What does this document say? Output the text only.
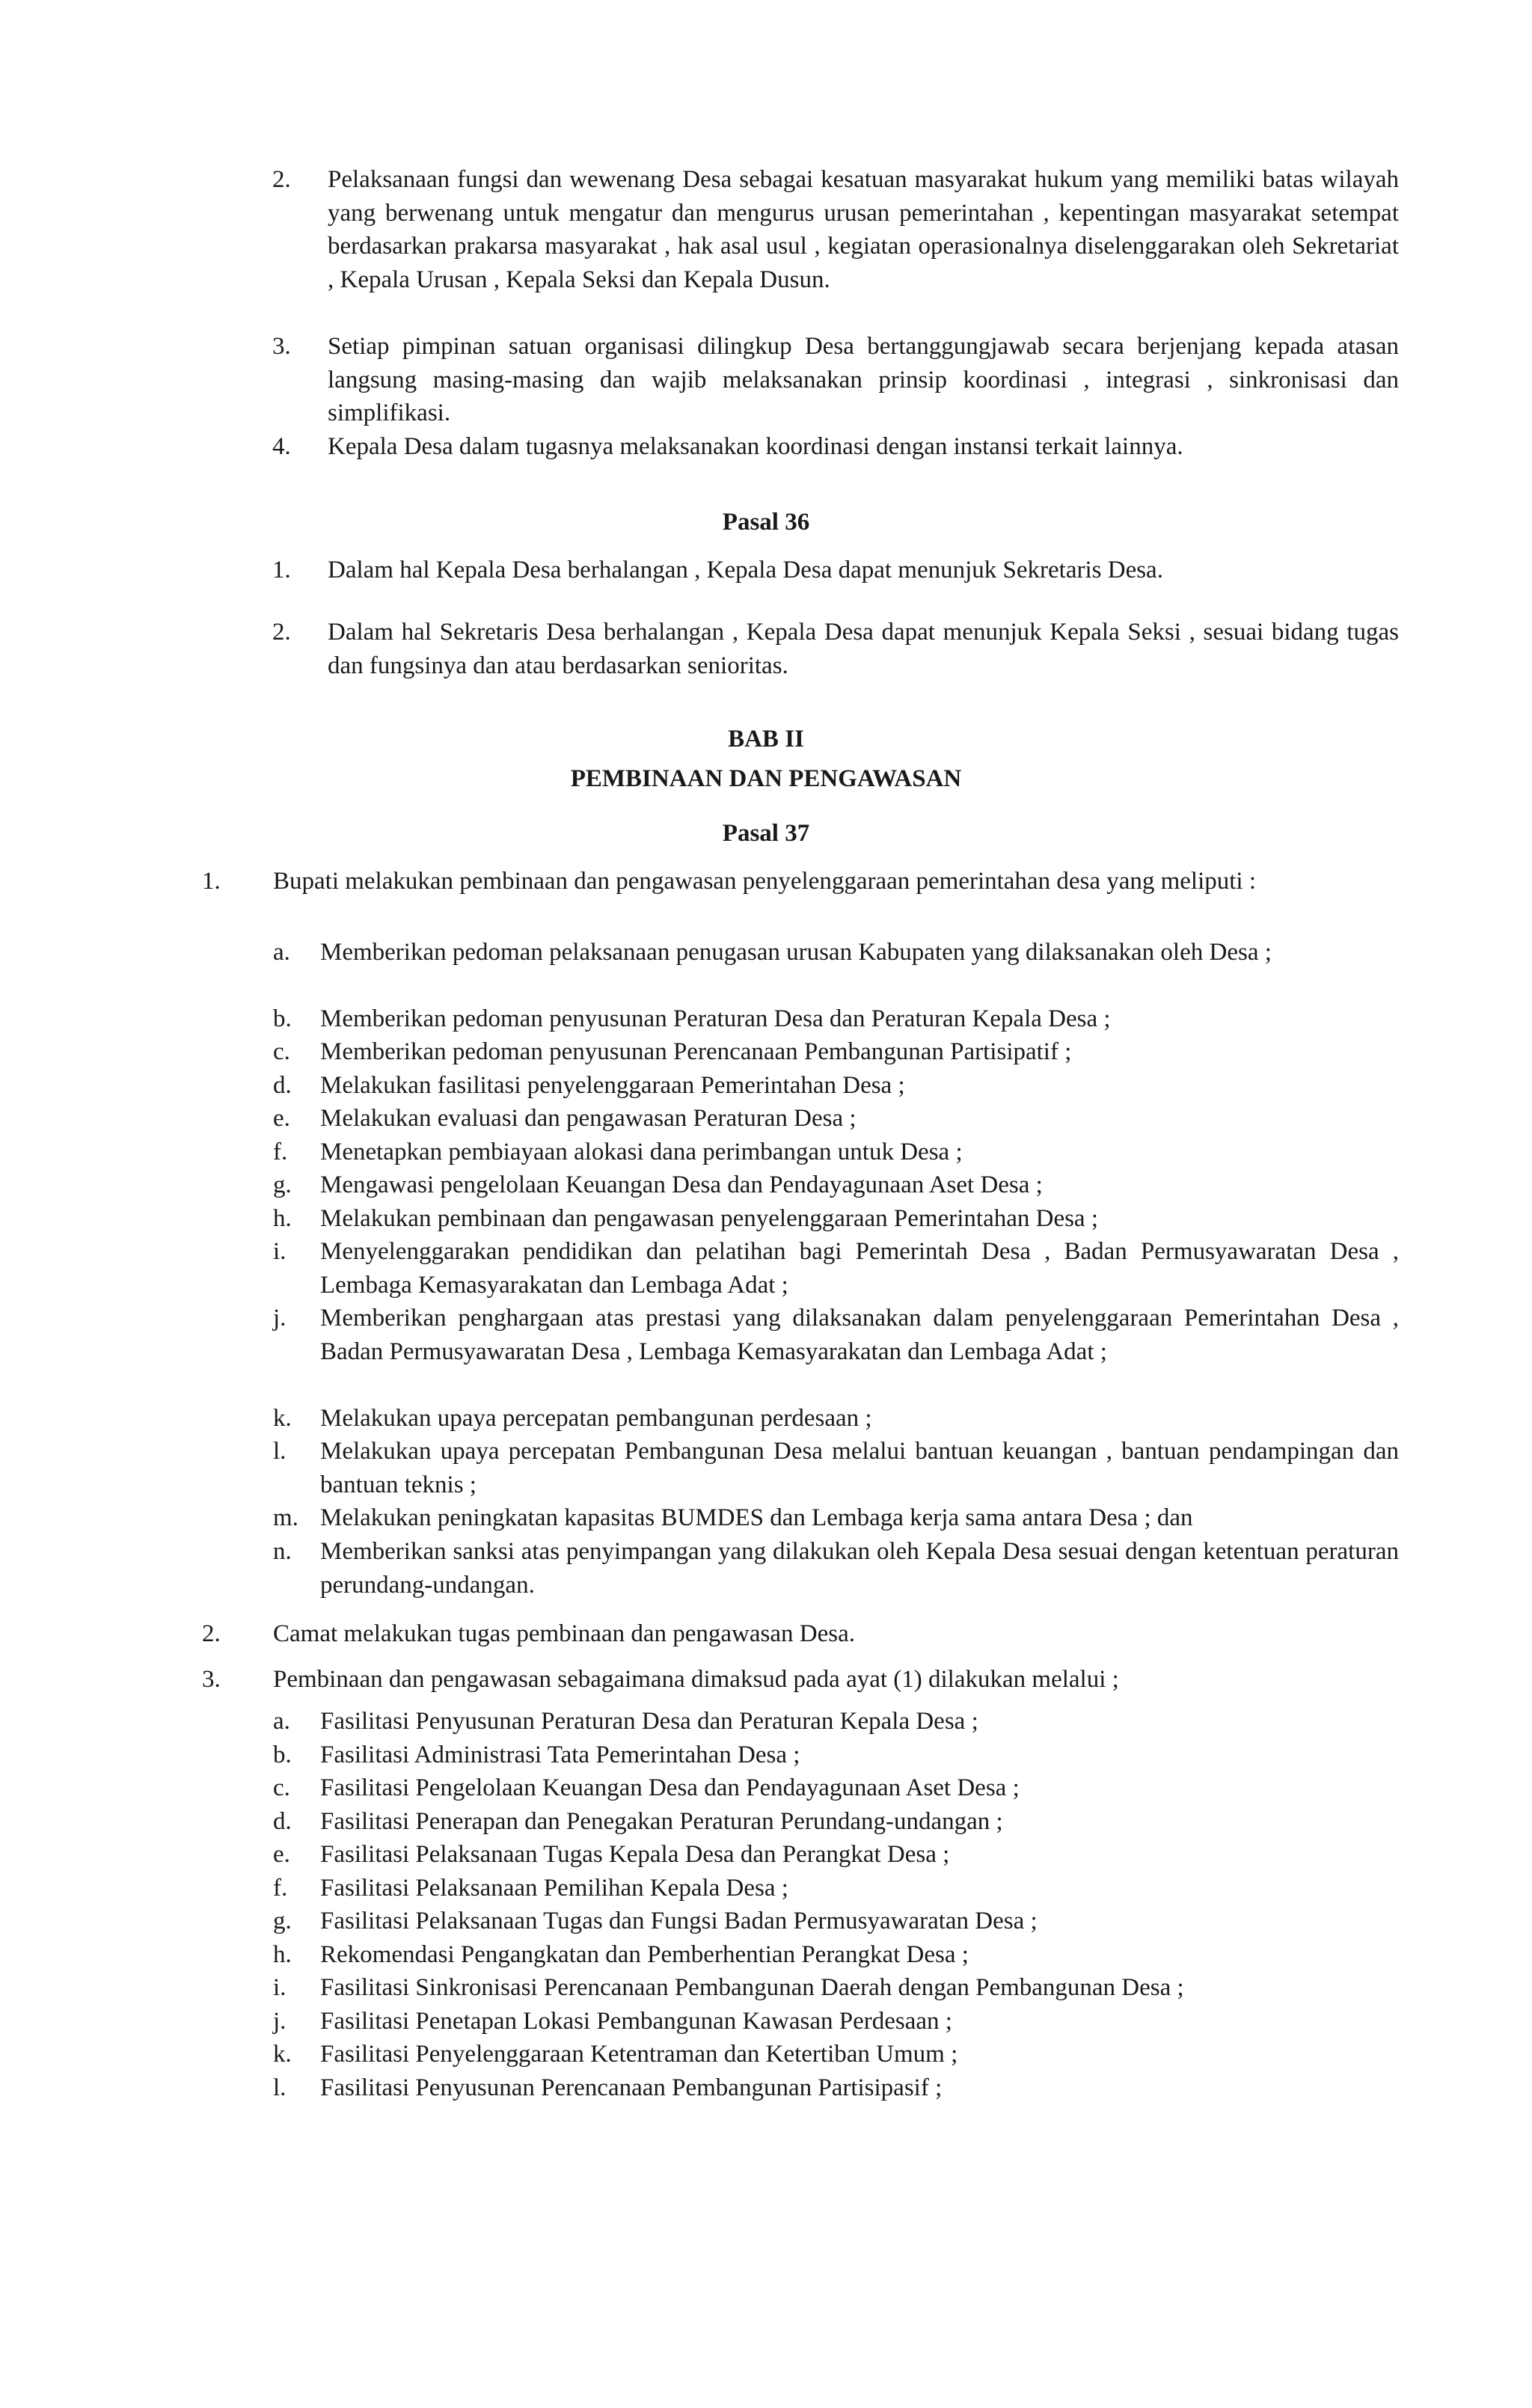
2. Pelaksanaan fungsi dan wewenang Desa sebagai kesatuan masyarakat hukum yang memiliki batas wilayah yang berwenang untuk mengatur dan mengurus urusan pemerintahan , kepentingan masyarakat setempat berdasarkan prakarsa masyarakat , hak asal usul , kegiatan operasionalnya diselenggarakan oleh Sekretariat , Kepala Urusan , Kepala Seksi dan Kepala Dusun.
3. Setiap pimpinan satuan organisasi dilingkup Desa bertanggungjawab secara berjenjang kepada atasan langsung masing-masing dan wajib melaksanakan prinsip koordinasi , integrasi , sinkronisasi dan simplifikasi.
4. Kepala Desa dalam tugasnya melaksanakan koordinasi dengan instansi terkait lainnya.
Pasal 36
1. Dalam hal Kepala Desa berhalangan , Kepala Desa dapat menunjuk Sekretaris Desa.
2. Dalam hal Sekretaris Desa berhalangan , Kepala Desa dapat menunjuk Kepala Seksi , sesuai bidang tugas dan fungsinya dan atau berdasarkan senioritas.
BAB II
PEMBINAAN DAN PENGAWASAN
Pasal 37
1. Bupati melakukan pembinaan dan pengawasan penyelenggaraan pemerintahan desa yang meliputi :
a. Memberikan pedoman pelaksanaan penugasan urusan Kabupaten yang dilaksanakan oleh Desa ;
b. Memberikan pedoman penyusunan Peraturan Desa dan Peraturan Kepala Desa ;
c. Memberikan pedoman penyusunan Perencanaan Pembangunan Partisipatif ;
d. Melakukan fasilitasi penyelenggaraan Pemerintahan Desa ;
e. Melakukan evaluasi dan pengawasan Peraturan Desa ;
f. Menetapkan pembiayaan alokasi dana perimbangan untuk Desa ;
g. Mengawasi pengelolaan Keuangan Desa dan Pendayagunaan Aset Desa ;
h. Melakukan pembinaan dan pengawasan penyelenggaraan Pemerintahan Desa ;
i. Menyelenggarakan pendidikan dan pelatihan bagi Pemerintah Desa , Badan Permusyawaratan Desa , Lembaga Kemasyarakatan dan Lembaga Adat ;
j. Memberikan penghargaan atas prestasi yang dilaksanakan dalam penyelenggaraan Pemerintahan Desa , Badan Permusyawaratan Desa , Lembaga Kemasyarakatan dan Lembaga Adat ;
k. Melakukan upaya percepatan pembangunan perdesaan ;
l. Melakukan upaya percepatan Pembangunan Desa melalui bantuan keuangan , bantuan pendampingan dan bantuan teknis ;
m. Melakukan peningkatan kapasitas BUMDES dan Lembaga kerja sama antara Desa ; dan
n. Memberikan sanksi atas penyimpangan yang dilakukan oleh Kepala Desa sesuai dengan ketentuan peraturan perundang-undangan.
2. Camat melakukan tugas pembinaan dan pengawasan Desa.
3. Pembinaan dan pengawasan sebagaimana dimaksud pada ayat (1) dilakukan melalui ;
a. Fasilitasi Penyusunan Peraturan Desa dan Peraturan Kepala Desa ;
b. Fasilitasi Administrasi Tata Pemerintahan Desa ;
c. Fasilitasi Pengelolaan Keuangan Desa dan Pendayagunaan Aset Desa ;
d. Fasilitasi Penerapan dan Penegakan Peraturan Perundang-undangan ;
e. Fasilitasi Pelaksanaan Tugas Kepala Desa dan Perangkat Desa ;
f. Fasilitasi Pelaksanaan Pemilihan Kepala Desa ;
g. Fasilitasi Pelaksanaan Tugas dan Fungsi Badan Permusyawaratan Desa ;
h. Rekomendasi Pengangkatan dan Pemberhentian Perangkat Desa ;
i. Fasilitasi Sinkronisasi Perencanaan Pembangunan Daerah dengan Pembangunan Desa ;
j. Fasilitasi Penetapan Lokasi Pembangunan Kawasan Perdesaan ;
k. Fasilitasi Penyelenggaraan Ketentraman dan Ketertiban Umum ;
l. Fasilitasi Penyusunan Perencanaan Pembangunan Partisipasif ;
